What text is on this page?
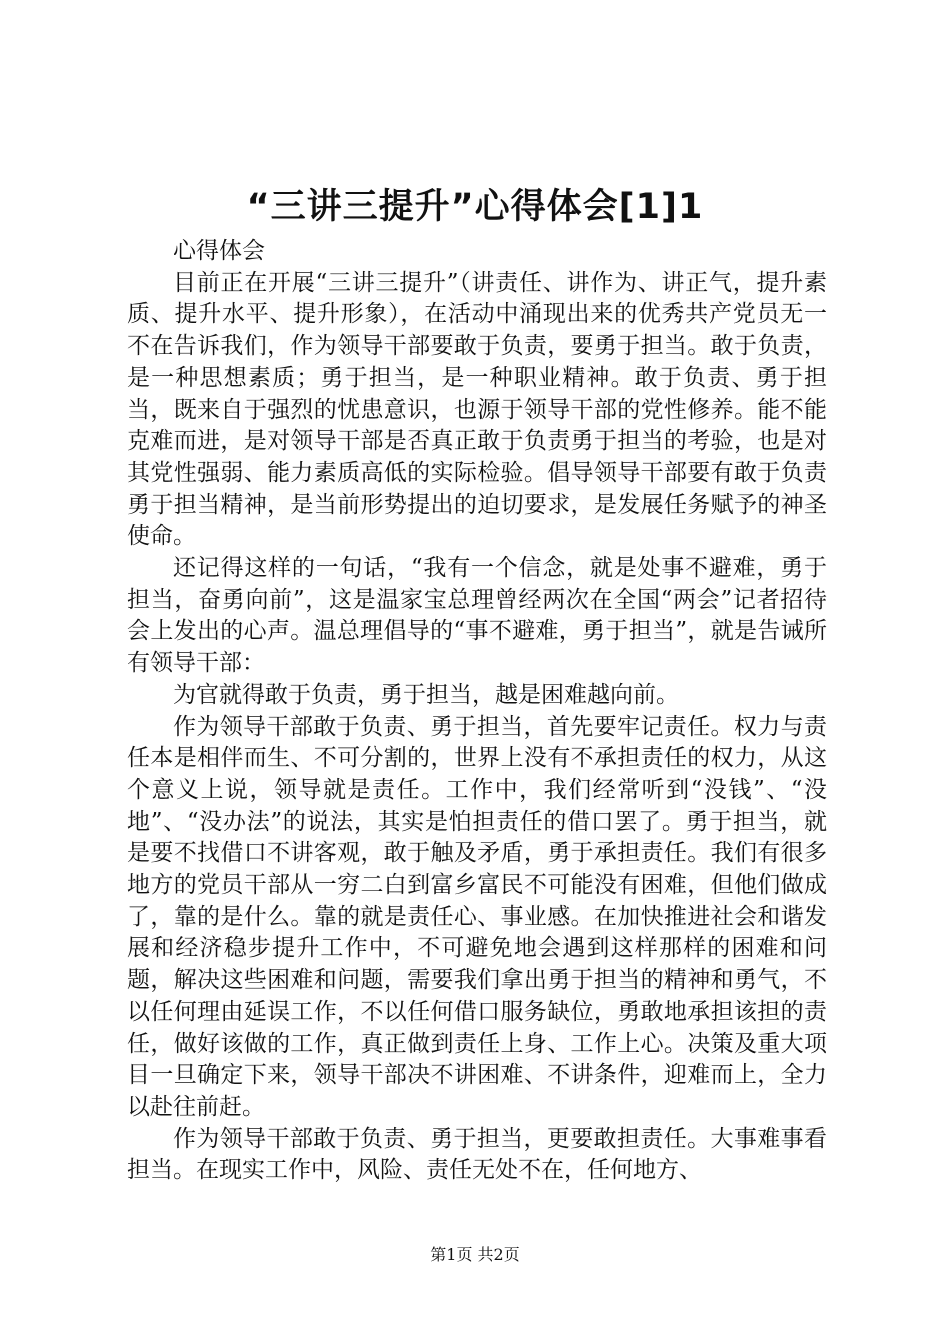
“三讲三提升”心得体会[1]1

心得体会

目前正在开展“三讲三提升”（讲责任、讲作为、讲正气，提升素质、提升水平、提升形象），在活动中涌现出来的优秀共产党员无一不在告诉我们，作为领导干部要敢于负责，要勇于担当。敢于负责，是一种思想素质；勇于担当，是一种职业精神。敢于负责、勇于担当，既来自于强烈的忧患意识，也源于领导干部的党性修养。能不能克难而进，是对领导干部是否真正敢于负责勇于担当的考验，也是对其党性强弱、能力素质高低的实际检验。倡导领导干部要有敢于负责勇于担当精神，是当前形势提出的迫切要求，是发展任务赋予的神圣使命。

还记得这样的一句话，“我有一个信念，就是处事不避难，勇于担当，奋勇向前”，这是温家宝总理曾经两次在全国“两会”记者招待会上发出的心声。温总理倡导的“事不避难，勇于担当”，就是告诫所有领导干部：

为官就得敢于负责，勇于担当，越是困难越向前。

作为领导干部敢于负责、勇于担当，首先要牢记责任。权力与责任本是相伴而生、不可分割的，世界上没有不承担责任的权力，从这个意义上说，领导就是责任。工作中，我们经常听到“没钱”、“没地”、“没办法”的说法，其实是怕担责任的借口罢了。勇于担当，就是要不找借口不讲客观，敢于触及矛盾，勇于承担责任。我们有很多地方的党员干部从一穷二白到富乡富民不可能没有困难，但他们做成了，靠的是什么。靠的就是责任心、事业感。在加快推进社会和谐发展和经济稳步提升工作中，不可避免地会遇到这样那样的困难和问题，解决这些困难和问题，需要我们拿出勇于担当的精神和勇气，不以任何理由延误工作，不以任何借口服务缺位，勇敢地承担该担的责任，做好该做的工作，真正做到责任上身、工作上心。决策及重大项目一旦确定下来，领导干部决不讲困难、不讲条件，迎难而上，全力以赴往前赶。

作为领导干部敢于负责、勇于担当，更要敢担责任。大事难事看担当。在现实工作中，风险、责任无处不在，任何地方、

第1页 共2页
